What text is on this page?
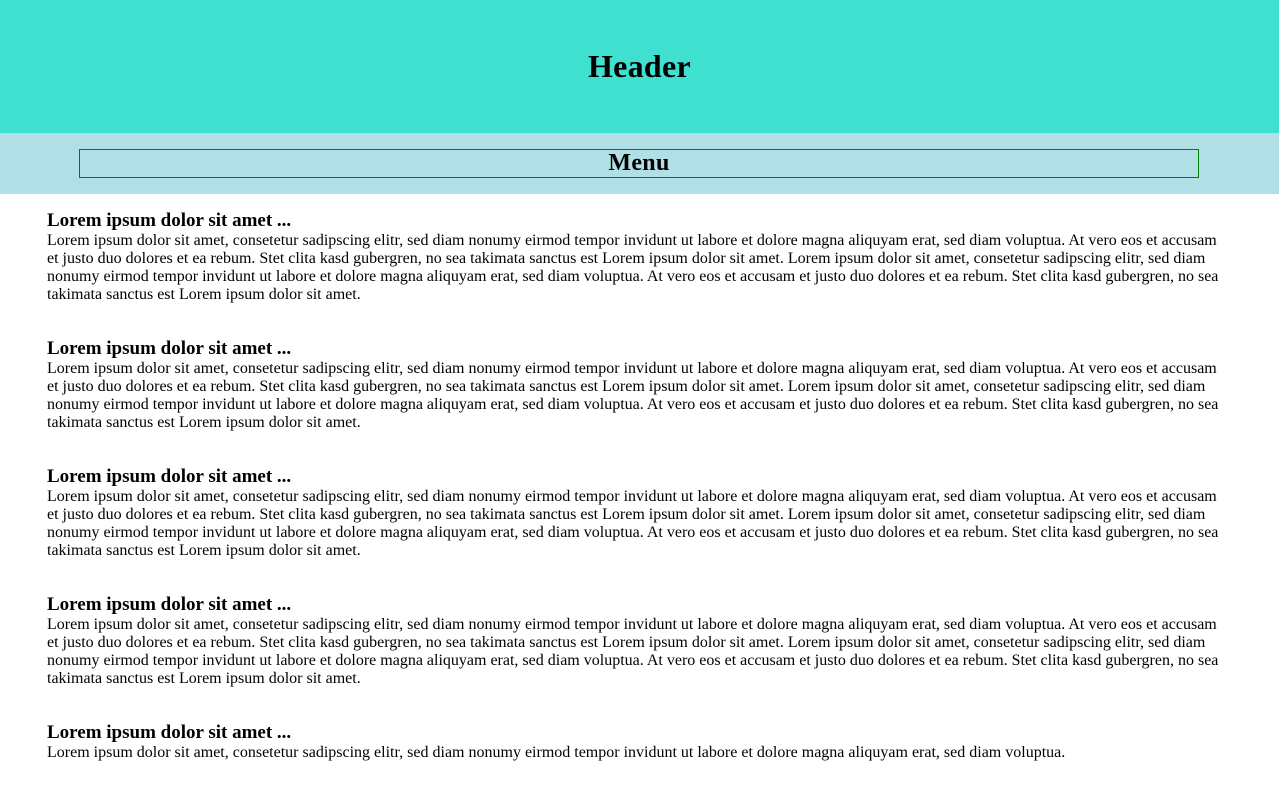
Header
Menu
Lorem ipsum dolor sit amet ...

Lorem ipsum dolor sit amet, consetetur sadipscing elitr, sed diam nonumy eirmod tempor invidunt ut labore et dolore magna aliquyam erat, sed diam voluptua. At vero eos et accusam et justo duo dolores et ea rebum. Stet clita kasd gubergren, no sea takimata sanctus est Lorem ipsum dolor sit amet. Lorem ipsum dolor sit amet, consetetur sadipscing elitr, sed diam nonumy eirmod tempor invidunt ut labore et dolore magna aliquyam erat, sed diam voluptua. At vero eos et accusam et justo duo dolores et ea rebum. Stet clita kasd gubergren, no sea takimata sanctus est Lorem ipsum dolor sit amet.

Lorem ipsum dolor sit amet ...

Lorem ipsum dolor sit amet, consetetur sadipscing elitr, sed diam nonumy eirmod tempor invidunt ut labore et dolore magna aliquyam erat, sed diam voluptua. At vero eos et accusam et justo duo dolores et ea rebum. Stet clita kasd gubergren, no sea takimata sanctus est Lorem ipsum dolor sit amet. Lorem ipsum dolor sit amet, consetetur sadipscing elitr, sed diam nonumy eirmod tempor invidunt ut labore et dolore magna aliquyam erat, sed diam voluptua. At vero eos et accusam et justo duo dolores et ea rebum. Stet clita kasd gubergren, no sea takimata sanctus est Lorem ipsum dolor sit amet.

Lorem ipsum dolor sit amet ...

Lorem ipsum dolor sit amet, consetetur sadipscing elitr, sed diam nonumy eirmod tempor invidunt ut labore et dolore magna aliquyam erat, sed diam voluptua. At vero eos et accusam et justo duo dolores et ea rebum. Stet clita kasd gubergren, no sea takimata sanctus est Lorem ipsum dolor sit amet. Lorem ipsum dolor sit amet, consetetur sadipscing elitr, sed diam nonumy eirmod tempor invidunt ut labore et dolore magna aliquyam erat, sed diam voluptua. At vero eos et accusam et justo duo dolores et ea rebum. Stet clita kasd gubergren, no sea takimata sanctus est Lorem ipsum dolor sit amet.

Lorem ipsum dolor sit amet ...

Lorem ipsum dolor sit amet, consetetur sadipscing elitr, sed diam nonumy eirmod tempor invidunt ut labore et dolore magna aliquyam erat, sed diam voluptua. At vero eos et accusam et justo duo dolores et ea rebum. Stet clita kasd gubergren, no sea takimata sanctus est Lorem ipsum dolor sit amet. Lorem ipsum dolor sit amet, consetetur sadipscing elitr, sed diam nonumy eirmod tempor invidunt ut labore et dolore magna aliquyam erat, sed diam voluptua. At vero eos et accusam et justo duo dolores et ea rebum. Stet clita kasd gubergren, no sea takimata sanctus est Lorem ipsum dolor sit amet.

Lorem ipsum dolor sit amet ...

Lorem ipsum dolor sit amet, consetetur sadipscing elitr, sed diam nonumy eirmod tempor invidunt ut labore et dolore magna aliquyam erat, sed diam voluptua.
